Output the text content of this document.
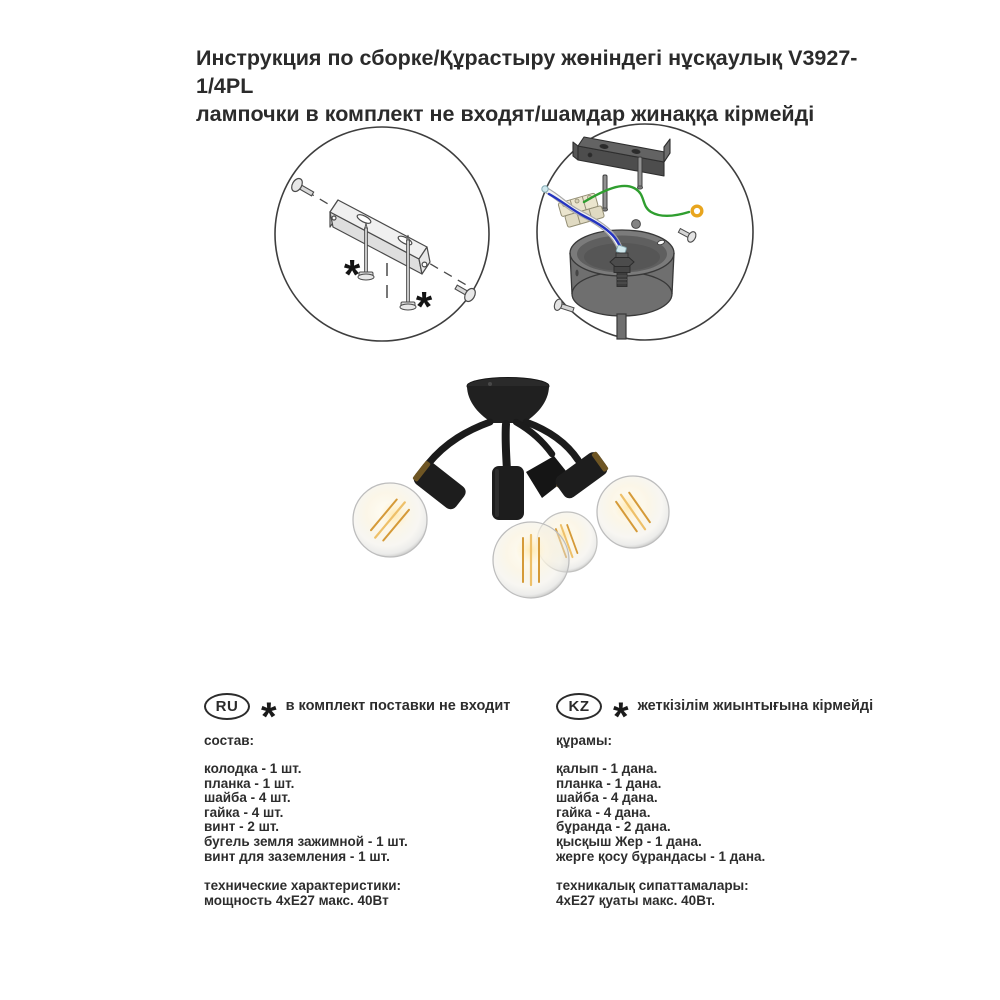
Инструкция по сборке/Құрастыру жөніндегі нұсқаулық V3927-1/4PL
лампочки в комплект не входят/шамдар жинаққа кірмейді
*
*
RU * в комплект поставки не входит
состав:
колодка - 1 шт.
планка - 1 шт.
шайба - 4 шт.
гайка - 4 шт.
винт - 2 шт.
бугель земля зажимной - 1 шт.
винт для заземления - 1 шт.
технические характеристики:
мощность 4хЕ27 макс. 40Вт
KZ * жеткізілім жиынтығына кірмейді
құрамы:
қалып - 1 дана.
планка - 1 дана.
шайба - 4 дана.
гайка - 4 дана.
бұранда - 2 дана.
қысқыш Жер - 1 дана.
жерге қосу бұрандасы - 1 дана.
техникалық сипаттамалары:
4хЕ27 қуаты макс. 40Вт.
